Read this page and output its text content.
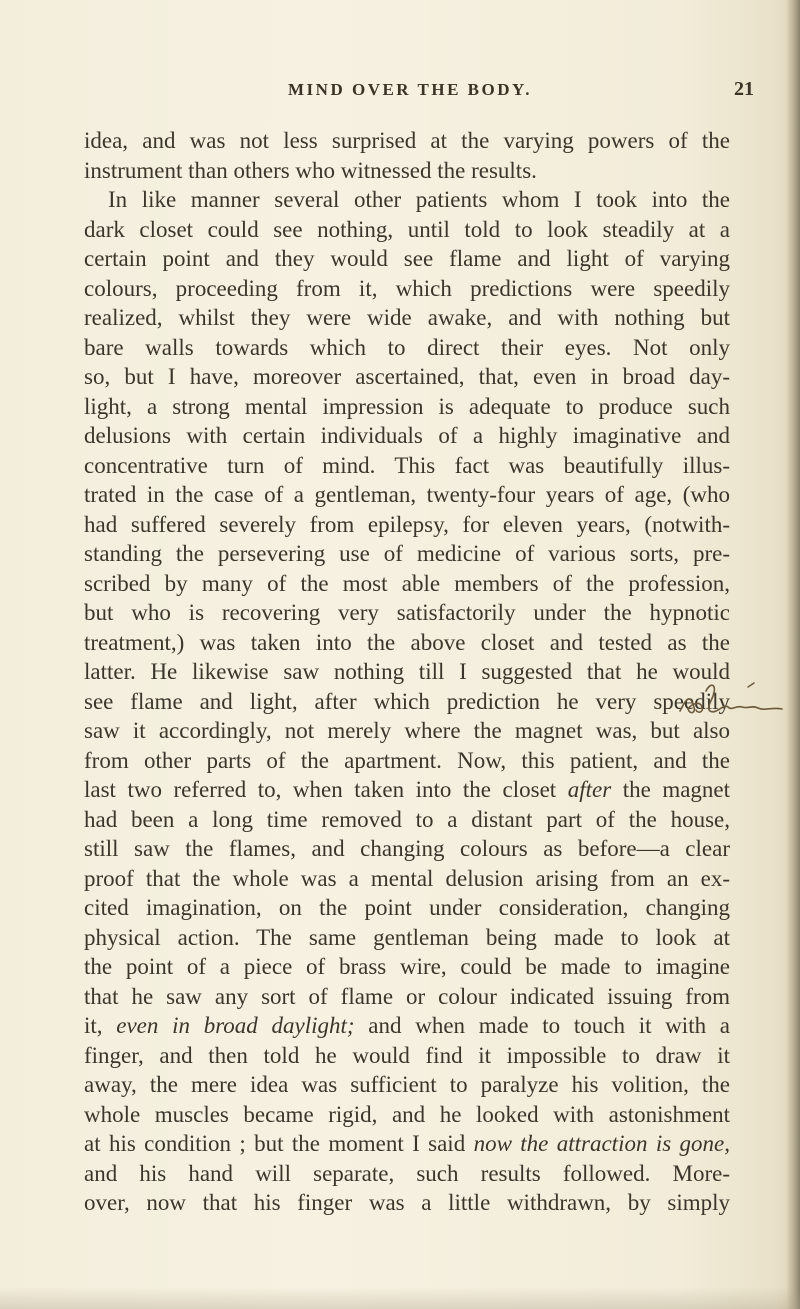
MIND OVER THE BODY.	21
idea, and was not less surprised at the varying powers of the
instrument than others who witnessed the results.
In like manner several other patients whom I took into the
dark closet could see nothing, until told to look steadily at a
certain point and they would see flame and light of varying
colours, proceeding from it, which predictions were speedily
realized, whilst they were wide awake, and with nothing but
bare walls towards which to direct their eyes. Not only
so, but I have, moreover ascertained, that, even in broad day-
light, a strong mental impression is adequate to produce such
delusions with certain individuals of a highly imaginative and
concentrative turn of mind. This fact was beautifully illus-
trated in the case of a gentleman, twenty-four years of age, (who
had suffered severely from epilepsy, for eleven years, (notwith-
standing the persevering use of medicine of various sorts, pre-
scribed by many of the most able members of the profession,
but who is recovering very satisfactorily under the hypnotic
treatment,) was taken into the above closet and tested as the
latter. He likewise saw nothing till I suggested that he would
see flame and light, after which prediction he very speedily
saw it accordingly, not merely where the magnet was, but also
from other parts of the apartment. Now, this patient, and the
last two referred to, when taken into the closet after the magnet
had been a long time removed to a distant part of the house,
still saw the flames, and changing colours as before—a clear
proof that the whole was a mental delusion arising from an ex-
cited imagination, on the point under consideration, changing
physical action. The same gentleman being made to look at
the point of a piece of brass wire, could be made to imagine
that he saw any sort of flame or colour indicated issuing from
it, even in broad daylight; and when made to touch it with a
finger, and then told he would find it impossible to draw it
away, the mere idea was sufficient to paralyze his volition, the
whole muscles became rigid, and he looked with astonishment
at his condition ; but the moment I said now the attraction is gone,
and his hand will separate, such results followed. More-
over, now that his finger was a little withdrawn, by simply
